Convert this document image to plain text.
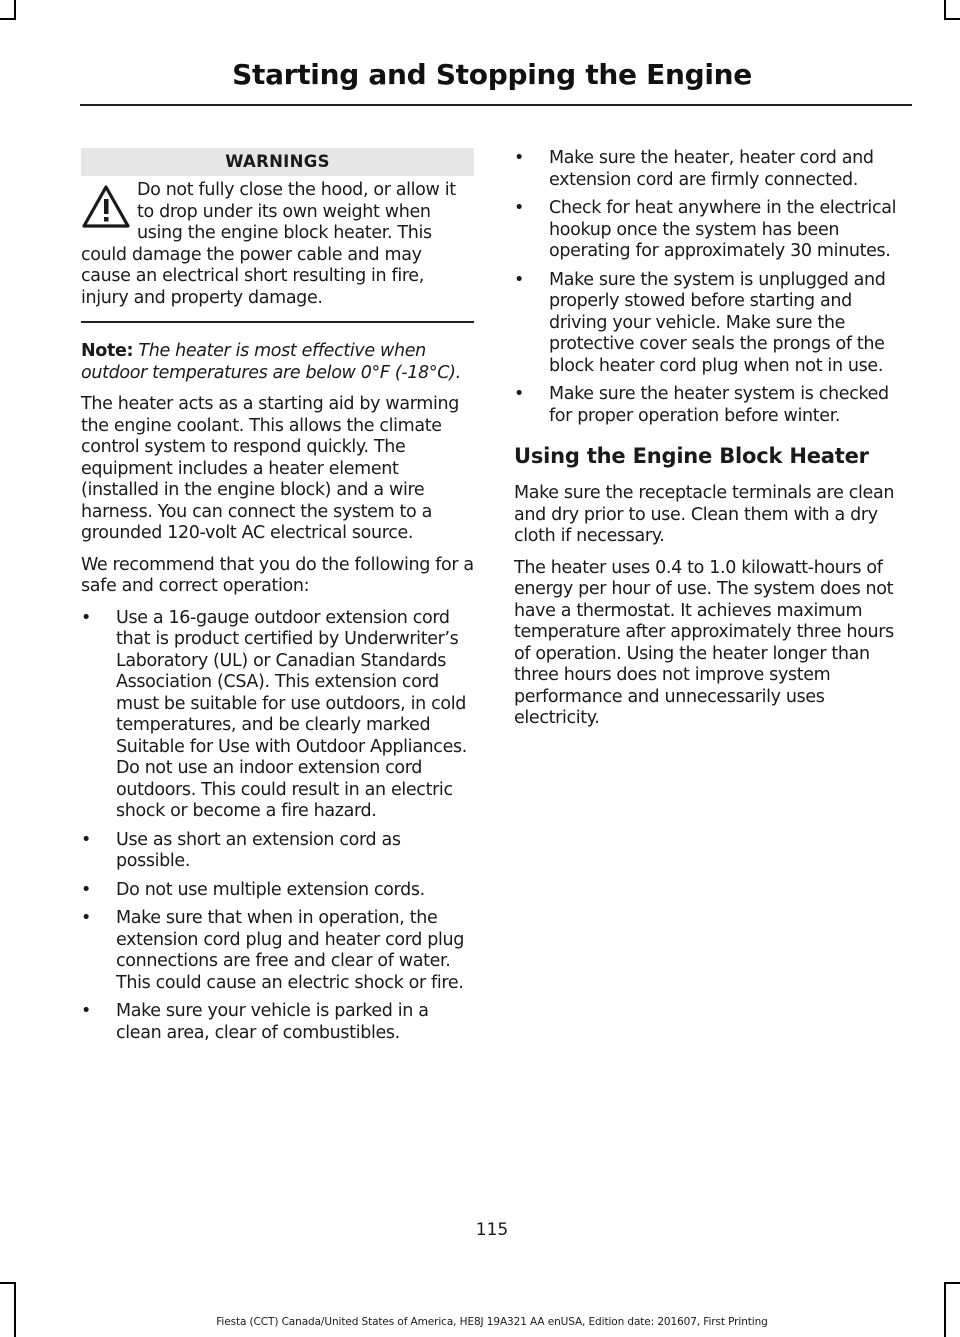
Starting and Stopping the Engine
WARNINGS

Do not fully close the hood, or allow it to drop under its own weight when using the engine block heater. This could damage the power cable and may cause an electrical short resulting in fire, injury and property damage.

Note: The heater is most effective when outdoor temperatures are below 0°F (-18°C).

The heater acts as a starting aid by warming the engine coolant. This allows the climate control system to respond quickly. The equipment includes a heater element (installed in the engine block) and a wire harness. You can connect the system to a grounded 120-volt AC electrical source.

We recommend that you do the following for a safe and correct operation:

•	Use a 16-gauge outdoor extension cord that is product certified by Underwriter’s Laboratory (UL) or Canadian Standards Association (CSA). This extension cord must be suitable for use outdoors, in cold temperatures, and be clearly marked Suitable for Use with Outdoor Appliances. Do not use an indoor extension cord outdoors. This could result in an electric shock or become a fire hazard.
•	Use as short an extension cord as possible.
•	Do not use multiple extension cords.
•	Make sure that when in operation, the extension cord plug and heater cord plug connections are free and clear of water. This could cause an electric shock or fire.
•	Make sure your vehicle is parked in a clean area, clear of combustibles.
•	Make sure the heater, heater cord and extension cord are firmly connected.
•	Check for heat anywhere in the electrical hookup once the system has been operating for approximately 30 minutes.
•	Make sure the system is unplugged and properly stowed before starting and driving your vehicle. Make sure the protective cover seals the prongs of the block heater cord plug when not in use.
•	Make sure the heater system is checked for proper operation before winter.
Using the Engine Block Heater

Make sure the receptacle terminals are clean and dry prior to use. Clean them with a dry cloth if necessary.

The heater uses 0.4 to 1.0 kilowatt-hours of energy per hour of use. The system does not have a thermostat. It achieves maximum temperature after approximately three hours of operation. Using the heater longer than three hours does not improve system performance and unnecessarily uses electricity.

115
Fiesta (CCT) Canada/United States of America, HE8J 19A321 AA enUSA, Edition date: 201607, First Printing
